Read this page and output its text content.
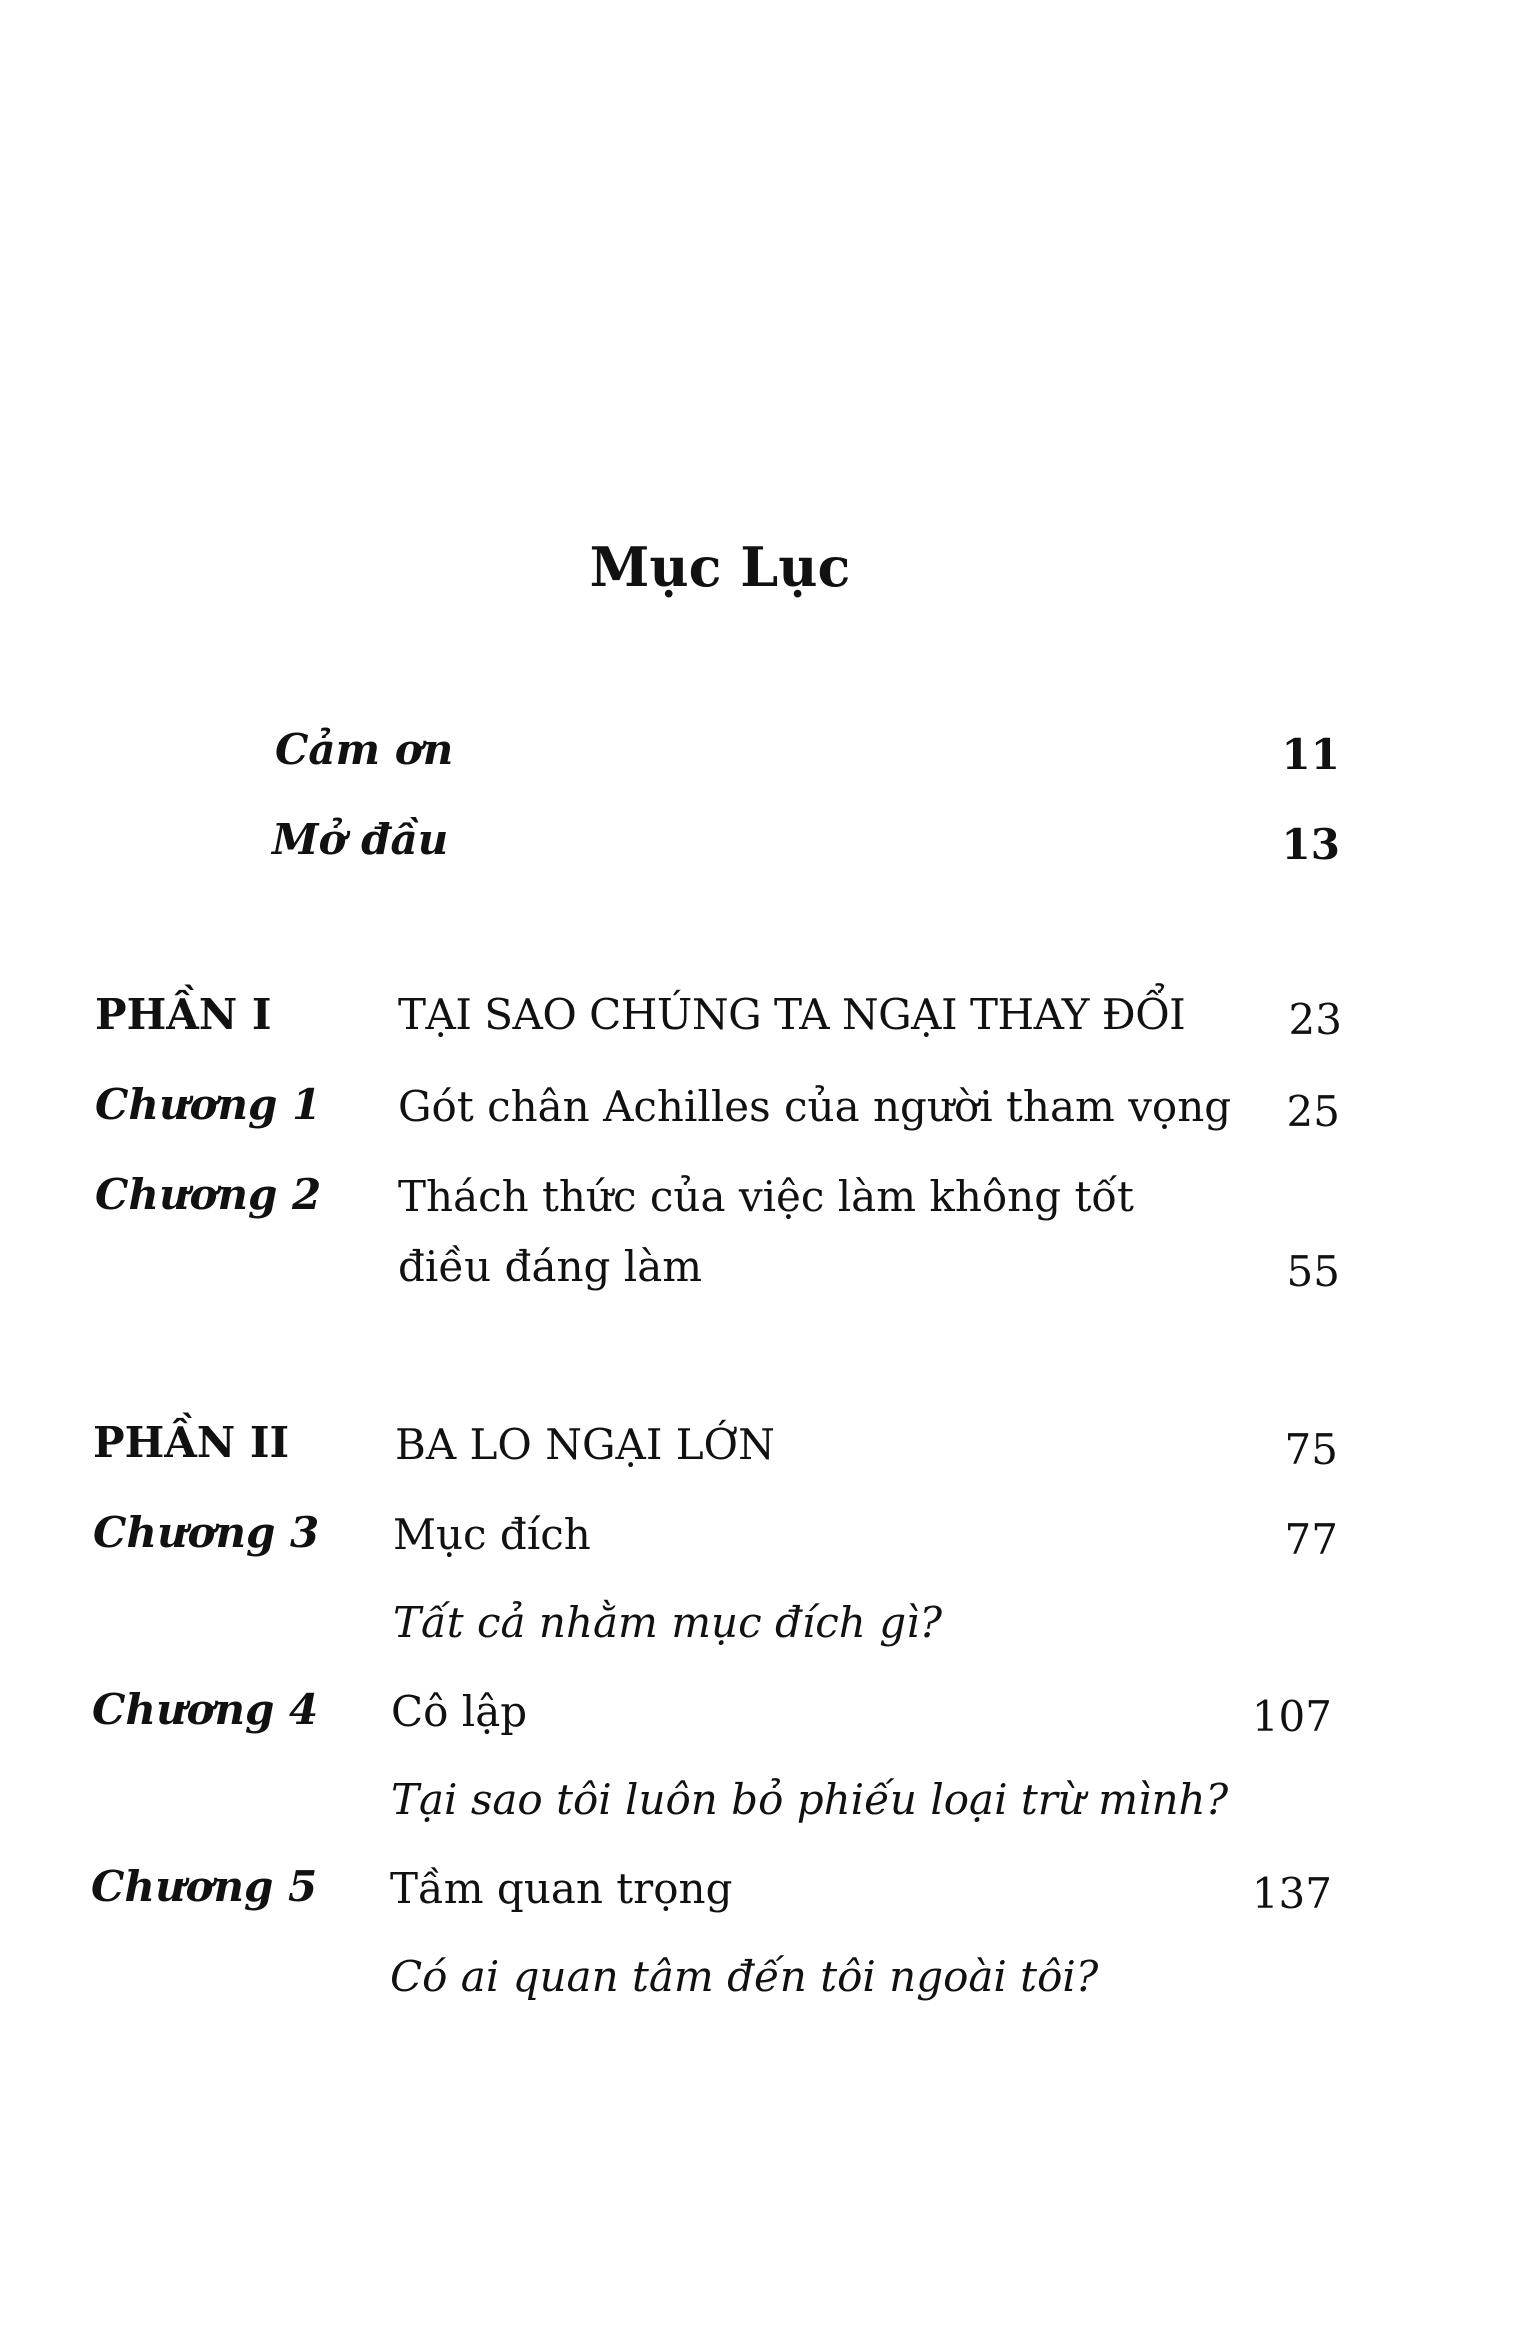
Mục Lục
Cảm ơn	11
Mở đầu	13
PHẦN I	TẠI SAO CHÚNG TA NGẠI THAY ĐỔI	23
Chương 1 Gót chân Achilles của người tham vọng	25
Chương 2 Thách thức của việc làm không tốt
điều đáng làm	55
PHẦN II	BA LO NGẠI LỚN	75
Chương 3 Mục đích	77
Tất cả nhằm mục đích gì?
Chương 4 Cô lập	107
Tại sao tôi luôn bỏ phiếu loại trừ mình?
Chương 5 Tầm quan trọng	137
Có ai quan tâm đến tôi ngoài tôi?
